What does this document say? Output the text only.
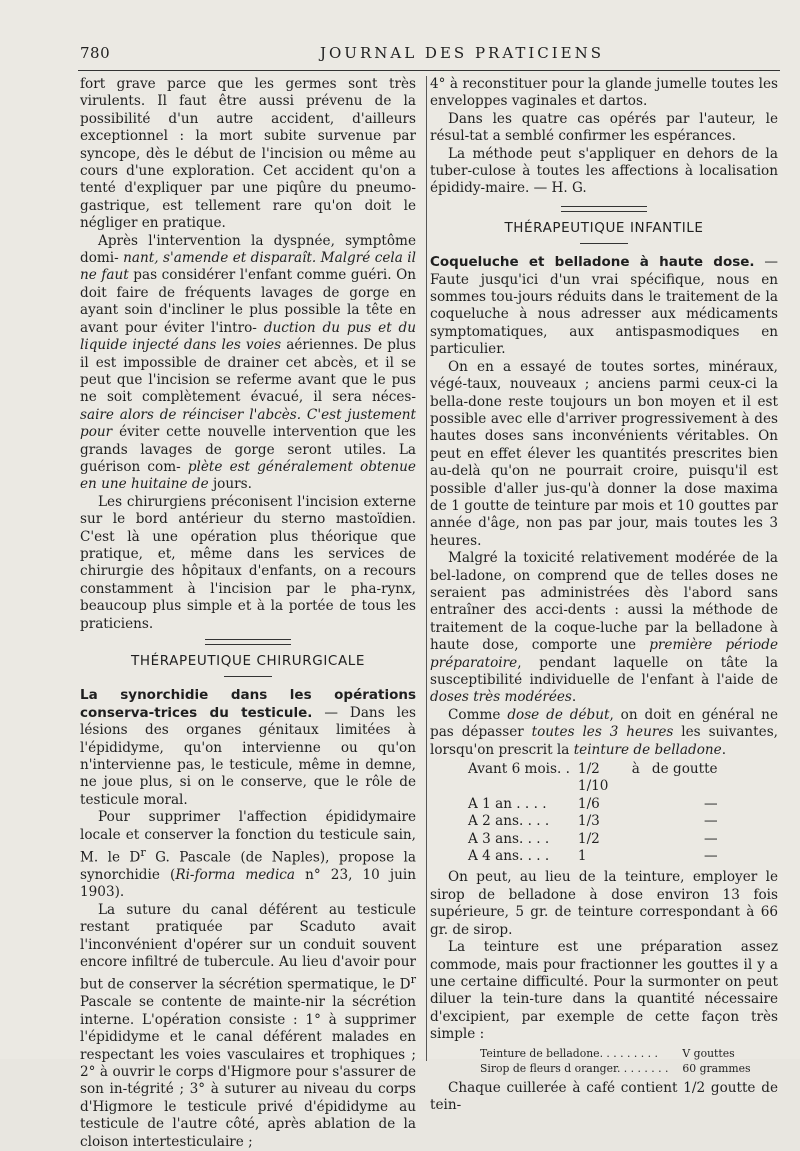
780	JOURNAL DES PRATICIENS

fort grave parce que les germes sont très virulents. Il faut être aussi prévenu de la possibilité d'un autre accident, d'ailleurs exceptionnel : la mort subite survenue par syncope, dès le début de l'incision ou même au cours d'une exploration. Cet accident qu'on a tenté d'expliquer par une piqûre du pneumo-gastrique, est tellement rare qu'on doit le négliger en pratique.

Après l'intervention la dyspnée, symptôme domi- nant, s'amende et disparaît. Malgré cela il ne faut pas considérer l'enfant comme guéri. On doit faire de fréquents lavages de gorge en ayant soin d'incliner le plus possible la tête en avant pour éviter l'intro- duction du pus et du liquide injecté dans les voies aériennes. De plus il est impossible de drainer cet abcès, et il se peut que l'incision se referme avant que le pus ne soit complètement évacué, il sera néces- saire alors de réinciser l'abcès. C'est justement pour éviter cette nouvelle intervention que les grands lavages de gorge seront utiles. La guérison com- plète est généralement obtenue en une huitaine de jours.

Les chirurgiens préconisent l'incision externe sur le bord antérieur du sterno mastoïdien. C'est là une opération plus théorique que pratique, et, même dans les services de chirurgie des hôpitaux d'enfants, on a recours constamment à l'incision par le pha-rynx, beaucoup plus simple et à la portée de tous les praticiens.

THÉRAPEUTIQUE CHIRURGICALE

La synorchidie dans les opérations conserva-trices du testicule. — Dans les lésions des organes génitaux limitées à l'épididyme, qu'on intervienne ou qu'on n'intervienne pas, le testicule, même in demne, ne joue plus, si on le conserve, que le rôle de testicule moral.

Pour supprimer l'affection épididymaire locale et conserver la fonction du testicule sain, M. le $D^r$ G. Pascale (de Naples), propose la synorchidie (Ri-forma medica n° 23, 10 juin 1903).

La suture du canal déférent au testicule restant pratiquée par Scaduto avait l'inconvénient d'opérer sur un conduit souvent encore infiltré de tubercule. Au lieu d'avoir pour but de conserver la sécrétion spermatique, le $D^r$ Pascale se contente de mainte-nir la sécrétion interne. L'opération consiste : 1° à supprimer l'épididyme et le canal déférent malades en respectant les voies vasculaires et trophiques ; 2° à ouvrir le corps d'Higmore pour s'assurer de son in-tégrité ; 3° à suturer au niveau du corps d'Higmore le testicule privé d'épididyme au testicule de l'autre côté, après ablation de la cloison intertesticulaire ;

4° à reconstituer pour la glande jumelle toutes les enveloppes vaginales et dartos.

Dans les quatre cas opérés par l'auteur, le résul-tat a semblé confirmer les espérances.

La méthode peut s'appliquer en dehors de la tuber-culose à toutes les affections à localisation épididy-maire. — H. G.

THÉRAPEUTIQUE INFANTILE

Coqueluche et belladone à haute dose. — Faute jusqu'ici d'un vrai spécifique, nous en sommes tou-jours réduits dans le traitement de la coqueluche à nous adresser aux médicaments symptomatiques, aux antispasmodiques en particulier.

On en a essayé de toutes sortes, minéraux, végé-taux, nouveaux ; anciens parmi ceux-ci la bella-done reste toujours un bon moyen et il est possible avec elle d'arriver progressivement à des hautes doses sans inconvénients véritables. On peut en effet élever les quantités prescrites bien au-delà qu'on ne pourrait croire, puisqu'il est possible d'aller jus-qu'à donner la dose maxima de 1 goutte de teinture par mois et 10 gouttes par année d'âge, non pas par jour, mais toutes les 3 heures.

Malgré la toxicité relativement modérée de la bel-ladone, on comprend que de telles doses ne seraient pas administrées dès l'abord sans entraîner des acci-dents : aussi la méthode de traitement de la coque-luche par la belladone à haute dose, comporte une première période préparatoire, pendant laquelle on tâte la susceptibilité individuelle de l'enfant à l'aide de doses très modérées.

Comme dose de début, on doit en général ne pas dépasser toutes les 3 heures les suivantes, lorsqu'on prescrit la teinture de belladone.

Avant 6 mois. .	1/2 à 1/10	de goutte
A 1 an . . . .	1/6	—
A 2 ans. . . .	1/3	—
A 3 ans. . . .	1/2	—
A 4 ans. . . .	1	—

On peut, au lieu de la teinture, employer le sirop de belladone à dose environ 13 fois supérieure, 5 gr. de teinture correspondant à 66 gr. de sirop.

La teinture est une préparation assez commode, mais pour fractionner les gouttes il y a une certaine difficulté. Pour la surmonter on peut diluer la tein-ture dans la quantité nécessaire d'excipient, par exemple de cette façon très simple :

Teinture de belladone. . . . . . . . .	V gouttes
Sirop de fleurs d oranger. . . . . . . .	60 grammes

Chaque cuillerée à café contient 1/2 goutte de tein-
